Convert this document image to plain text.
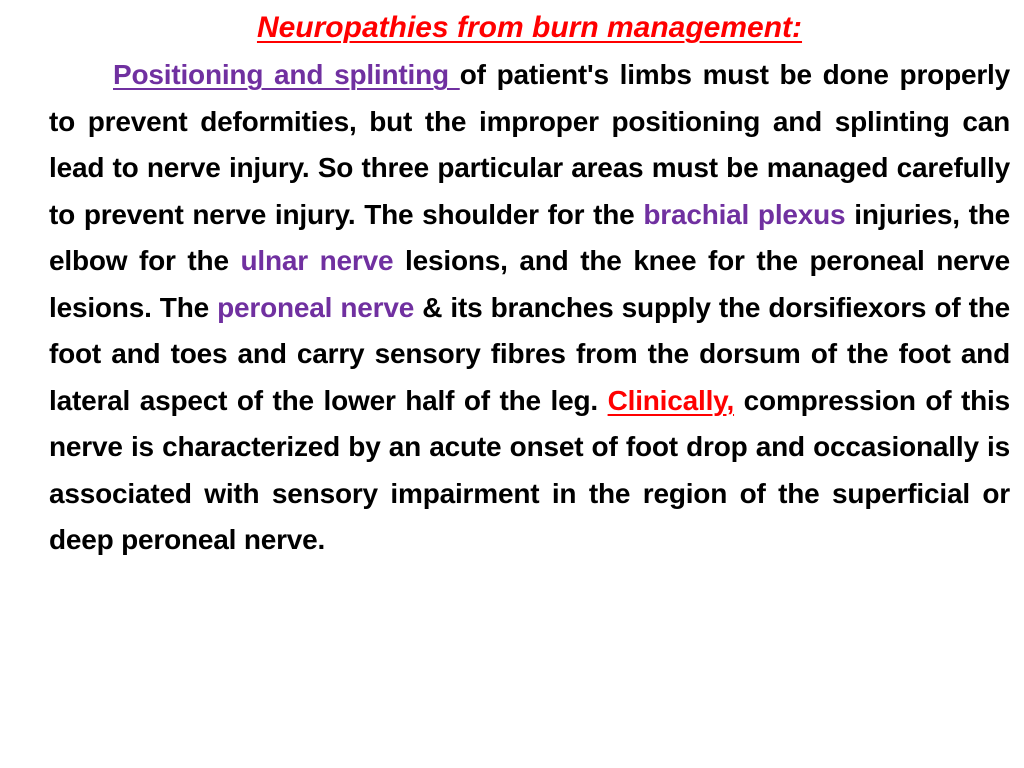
Neuropathies from burn management:

Positioning and splinting of patient's limbs must be done properly to prevent deformities, but the improper positioning and splinting can lead to nerve injury. So three particular areas must be managed carefully to prevent nerve injury. The shoulder for the brachial plexus injuries, the elbow for the ulnar nerve lesions, and the knee for the peroneal nerve lesions. The peroneal nerve & its branches supply the dorsifiexors of the foot and toes and carry sensory fibres from the dorsum of the foot and lateral aspect of the lower half of the leg. Clinically, compression of this nerve is characterized by an acute onset of foot drop and occasionally is associated with sensory impairment in the region of the superficial or deep peroneal nerve.
